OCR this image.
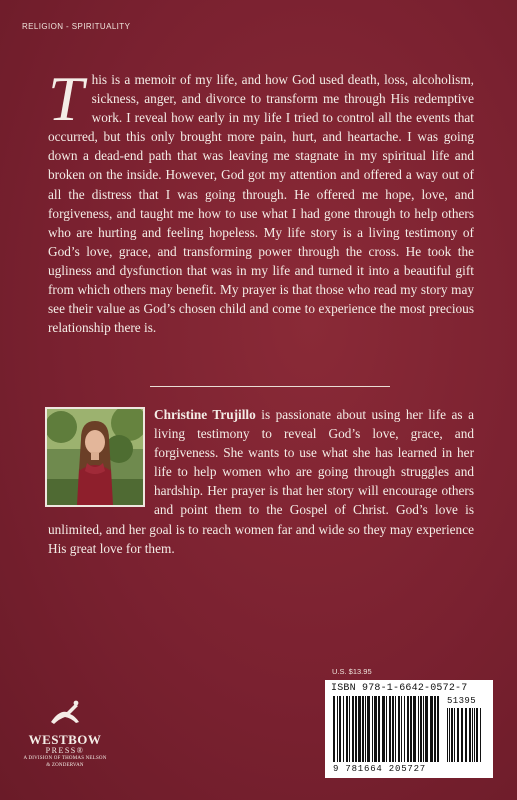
RELIGION - SPIRITUALITY

This is a memoir of my life, and how God used death, loss, alcoholism, sickness, anger, and divorce to transform me through His redemptive work. I reveal how early in my life I tried to control all the events that occurred, but this only brought more pain, hurt, and heartache. I was going down a dead-end path that was leaving me stagnate in my spiritual life and broken on the inside. However, God got my attention and offered a way out of all the distress that I was going through. He offered me hope, love, and forgiveness, and taught me how to use what I had gone through to help others who are hurting and feeling hopeless. My life story is a living testimony of God’s love, grace, and transforming power through the cross. He took the ugliness and dysfunction that was in my life and turned it into a beautiful gift from which others may benefit. My prayer is that those who read my story may see their value as God’s chosen child and come to experience the most precious relationship there is.

Christine Trujillo is passionate about using her life as a living testimony to reveal God’s love, grace, and forgiveness. She wants to use what she has learned in her life to help women who are going through struggles and hardship. Her prayer is that her story will encourage others and point them to the Gospel of Christ. God’s love is unlimited, and her goal is to reach women far and wide so they may experience His great love for them.

U.S. $13.95
ISBN 978-1-6642-0572-7
51395
9 781664 205727
WESTBOW
PRESS®
A DIVISION OF THOMAS NELSON
& ZONDERVAN
